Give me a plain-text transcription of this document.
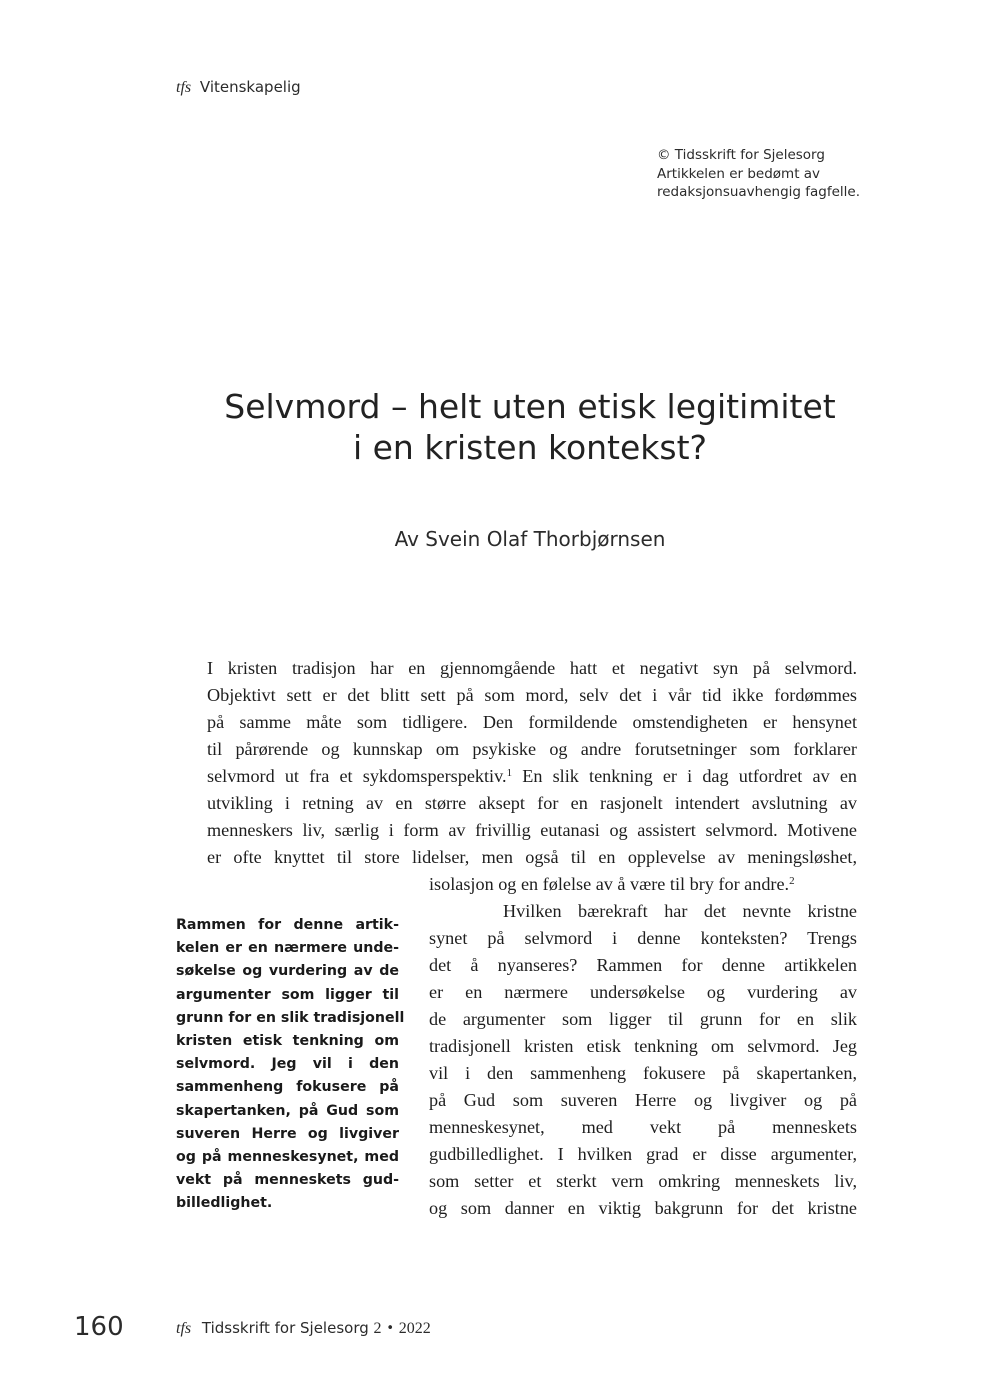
tfs Vitenskapelig
© Tidsskrift for Sjelesorg
Artikkelen er bedømt av
redaksjonsuavhengig fagfelle.
Selvmord – helt uten etisk legitimitet
i en kristen kontekst?
Av Svein Olaf Thorbjørnsen
I kristen tradisjon har en gjennomgående hatt et negativt syn på selvmord.
Objektivt sett er det blitt sett på som mord, selv det i vår tid ikke fordømmes
på samme måte som tidligere. Den formildende omstendigheten er hensynet
til pårørende og kunnskap om psykiske og andre forutsetninger som forklarer
selvmord ut fra et sykdomsperspektiv.$^1$ En slik tenkning er i dag utfordret av en
utvikling i retning av en større aksept for en rasjonelt intendert avslutning av
menneskers liv, særlig i form av frivillig eutanasi og assistert selvmord. Motivene
er ofte knyttet til store lidelser, men også til en opplevelse av meningsløshet,
isolasjon og en følelse av å være til bry for andre.$^2$
Hvilken bærekraft har det nevnte kristne
synet på selvmord i denne konteksten? Trengs
det å nyanseres? Rammen for denne artikkelen
er en nærmere undersøkelse og vurdering av
de argumenter som ligger til grunn for en slik
tradisjonell kristen etisk tenkning om selvmord. Jeg
vil i den sammenheng fokusere på skapertanken,
på Gud som suveren Herre og livgiver og på
menneskesynet, med vekt på menneskets
gudbilledlighet. I hvilken grad er disse argumenter,
som setter et sterkt vern omkring menneskets liv,
og som danner en viktig bakgrunn for det kristne
Rammen for denne artik-
kelen er en nærmere unde-
søkelse og vurdering av de
argumenter som ligger til
grunn for en slik tradisjonell
kristen etisk tenkning om
selvmord. Jeg vil i den
sammenheng fokusere på
skapertanken, på Gud som
suveren Herre og livgiver
og på menneskesynet, med
vekt på menneskets gud-
billedlighet.
160	tfs Tidsskrift for Sjelesorg 2 • 2022
